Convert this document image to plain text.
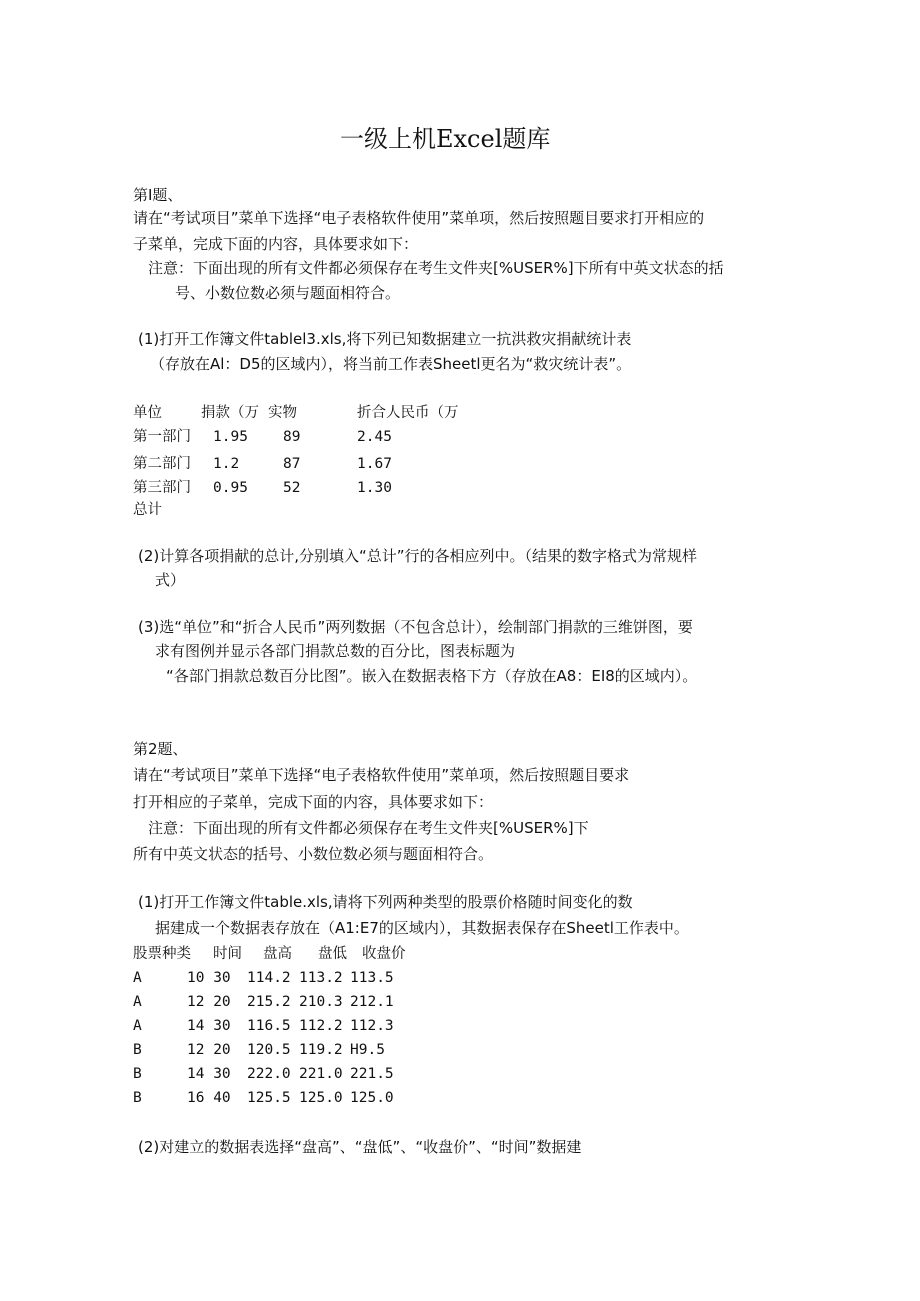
一级上机Excel题库
第I题、
请在“考试项目”菜单下选择“电子表格软件使用”菜单项，然后按照题目要求打开相应的
子菜单，完成下面的内容，具体要求如下：
注意：下面出现的所有文件都必须保存在考生文件夹[%USER%]下所有中英文状态的括
号、小数位数必须与题面相符合。
(1)打开工作簿文件tablel3.xls,将下列已知数据建立一抗洪救灾捐献统计表
（存放在Al：D5的区域内），将当前工作表Sheetl更名为“救灾统计表”。
单位	捐款（万 实物	折合人民币（万
第一部门 1.95 89	2.45
第二部门 1.2	87	1.67
第三部门 0.95 52	1.30
总计
(2)计算各项捐献的总计,分别填入“总计”行的各相应列中。（结果的数字格式为常规样
式）
(3)选“单位”和“折合人民币”两列数据（不包含总计），绘制部门捐款的三维饼图，要
求有图例并显示各部门捐款总数的百分比，图表标题为
“各部门捐款总数百分比图”。嵌入在数据表格下方（存放在A8：EI8的区域内）。
第2题、
请在“考试项目”菜单下选择“电子表格软件使用”菜单项，然后按照题目要求
打开相应的子菜单，完成下面的内容，具体要求如下：
注意：下面出现的所有文件都必须保存在考生文件夹[%USER%]下
所有中英文状态的括号、小数位数必须与题面相符合。
(1)打开工作簿文件table.xls,请将下列两种类型的股票价格随时间变化的数
据建成一个数据表存放在（A1:E7的区域内），其数据表保存在Sheetl工作表中。
股票种类 时间 盘高 盘低 收盘价
A	10 30 114.2 113.2 113.5
A	12 20 215.2 210.3 212.1
A	14 30 116.5 112.2 112.3
B	12 20 120.5 119.2 H9.5
B	14 30 222.0 221.0 221.5
B	16 40 125.5 125.0 125.0
(2)对建立的数据表选择“盘高”、“盘低”、“收盘价”、“时间”数据建
